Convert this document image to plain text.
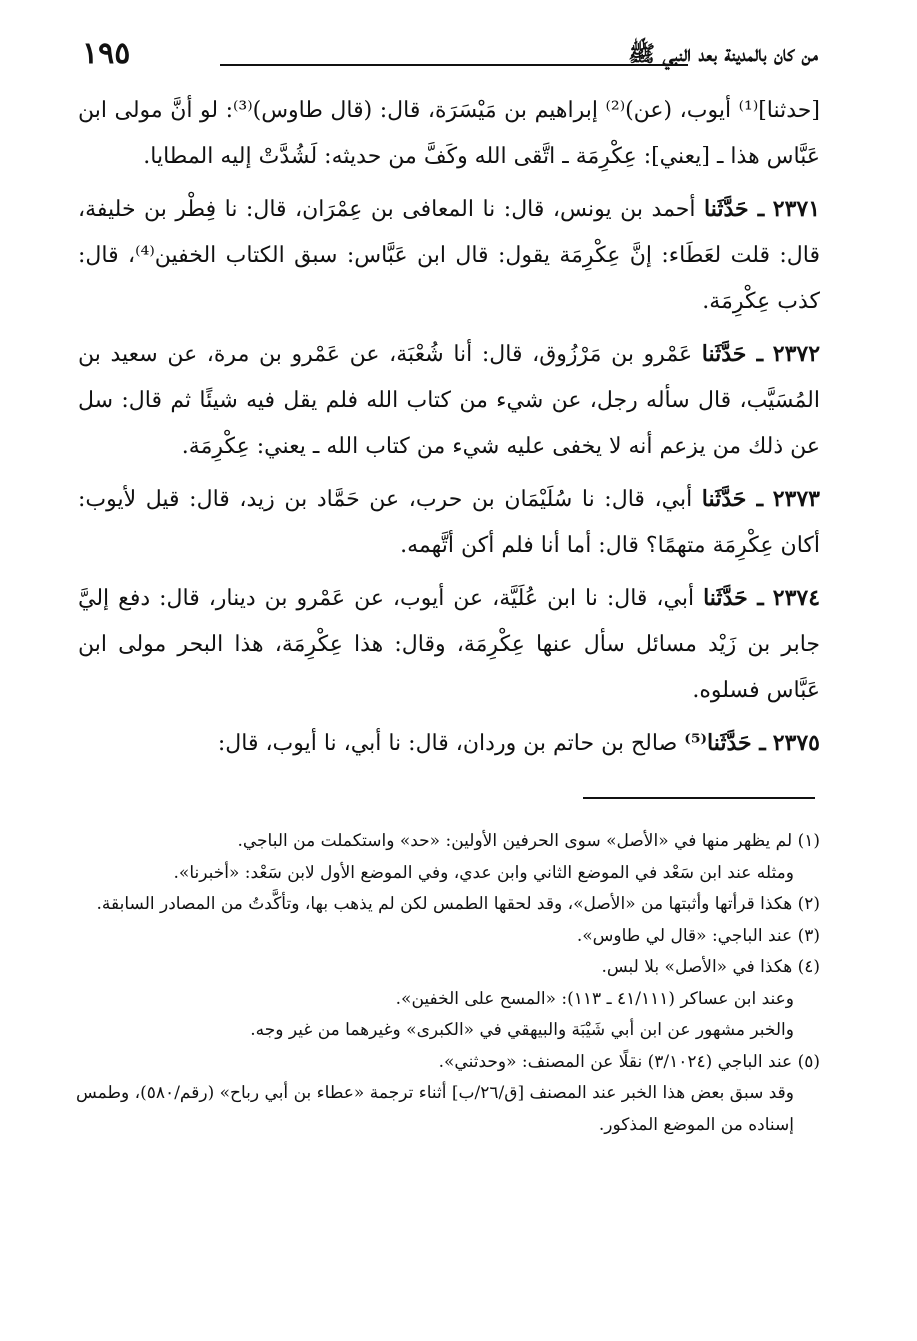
١٩٥	من كان بالمدينة بعد النبي ﷺ

[حدثنا]⁽¹⁾ أيوب، (عن)⁽²⁾ إبراهيم بن مَيْسَرَة، قال: (قال طاوس)⁽³⁾: لو أنَّ مولى ابن عَبَّاس هذا ـ [يعني]: عِكْرِمَة ـ اتَّقى الله وكَفَّ من حديثه: لَشُدَّتْ إليه المطايا.

٢٣٧١ ـ حَدَّثَنا أحمد بن يونس، قال: نا المعافى بن عِمْرَان، قال: نا فِطْر بن خليفة، قال: قلت لعَطَاء: إنَّ عِكْرِمَة يقول: قال ابن عَبَّاس: سبق الكتاب الخفين⁽⁴⁾، قال: كذب عِكْرِمَة.

٢٣٧٢ ـ حَدَّثَنا عَمْرو بن مَرْزُوق، قال: أنا شُعْبَة، عن عَمْرو بن مرة، عن سعيد بن المُسَيَّب، قال سأله رجل، عن شيء من كتاب الله فلم يقل فيه شيئًا ثم قال: سل عن ذلك من يزعم أنه لا يخفى عليه شيء من كتاب الله ـ يعني: عِكْرِمَة.

٢٣٧٣ ـ حَدَّثَنا أبي، قال: نا سُلَيْمَان بن حرب، عن حَمَّاد بن زيد، قال: قيل لأيوب: أكان عِكْرِمَة متهمًا؟ قال: أما أنا فلم أكن أتَّهمه.

٢٣٧٤ ـ حَدَّثَنا أبي، قال: نا ابن عُلَيَّة، عن أيوب، عن عَمْرو بن دينار، قال: دفع إليَّ جابر بن زَيْد مسائل سأل عنها عِكْرِمَة، وقال: هذا عِكْرِمَة، هذا البحر مولى ابن عَبَّاس فسلوه.

٢٣٧٥ ـ حَدَّثَنا⁽⁵⁾ صالح بن حاتم بن وردان، قال: نا أبي، نا أيوب، قال:

(١) لم يظهر منها في «الأصل» سوى الحرفين الأولين: «حد» واستكملت من الباجي.

ومثله عند ابن سَعْد في الموضع الثاني وابن عدي، وفي الموضع الأول لابن سَعْد: «أخبرنا».

(٢) هكذا قرأتها وأثبتها من «الأصل»، وقد لحقها الطمس لكن لم يذهب بها، وتأكَّدتُ من المصادر السابقة.

(٣) عند الباجي: «قال لي طاوس».

(٤) هكذا في «الأصل» بلا لبس.

وعند ابن عساكر (٤١/١١١ ـ ١١٣): «المسح على الخفين».

والخبر مشهور عن ابن أبي شَيْبَة والبيهقي في «الكبرى» وغيرهما من غير وجه.

(٥) عند الباجي (٣/١٠٢٤) نقلًا عن المصنف: «وحدثني».

وقد سبق بعض هذا الخبر عند المصنف [ق/٢٦/ب] أثناء ترجمة «عطاء بن أبي رباح» (رقم/٥٨٠)، وطمس إسناده من الموضع المذكور.
